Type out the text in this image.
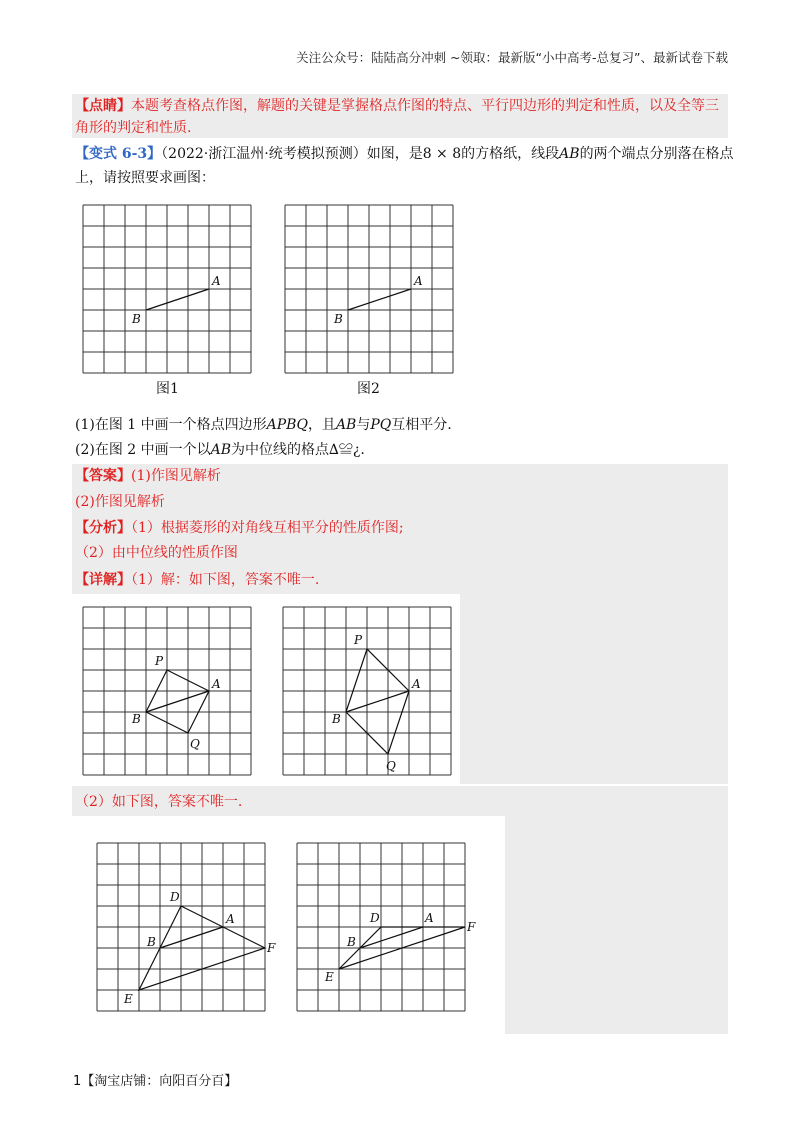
关注公众号：陆陆高分冲刺 ~领取：最新版“小中高考-总复习”、最新试卷下载
【点睛】本题考查格点作图，解题的关键是掌握格点作图的特点、平行四边形的判定和性质，以及全等三
角形的判定和性质.
【变式 6-3】（2022·浙江温州·统考模拟预测）如图，是8 × 8的方格纸，线段AB的两个端点分别落在格点
上，请按照要求画图：
A
B
图1
A
B
图2
(1)在图 1 中画一个格点四边形APBQ，且AB与PQ互相平分.
(2)在图 2 中画一个以AB为中位线的格点∆≌¿.
【答案】(1)作图见解析
(2)作图见解析
【分析】（1）根据菱形的对角线互相平分的性质作图;
（2）由中位线的性质作图
【详解】（1）解：如下图，答案不唯一.
P
A
B
Q
P
A
B
Q
（2）如下图，答案不唯一.
D
A
B	F
E
D	A
B
F
E
1【淘宝店铺：向阳百分百】
